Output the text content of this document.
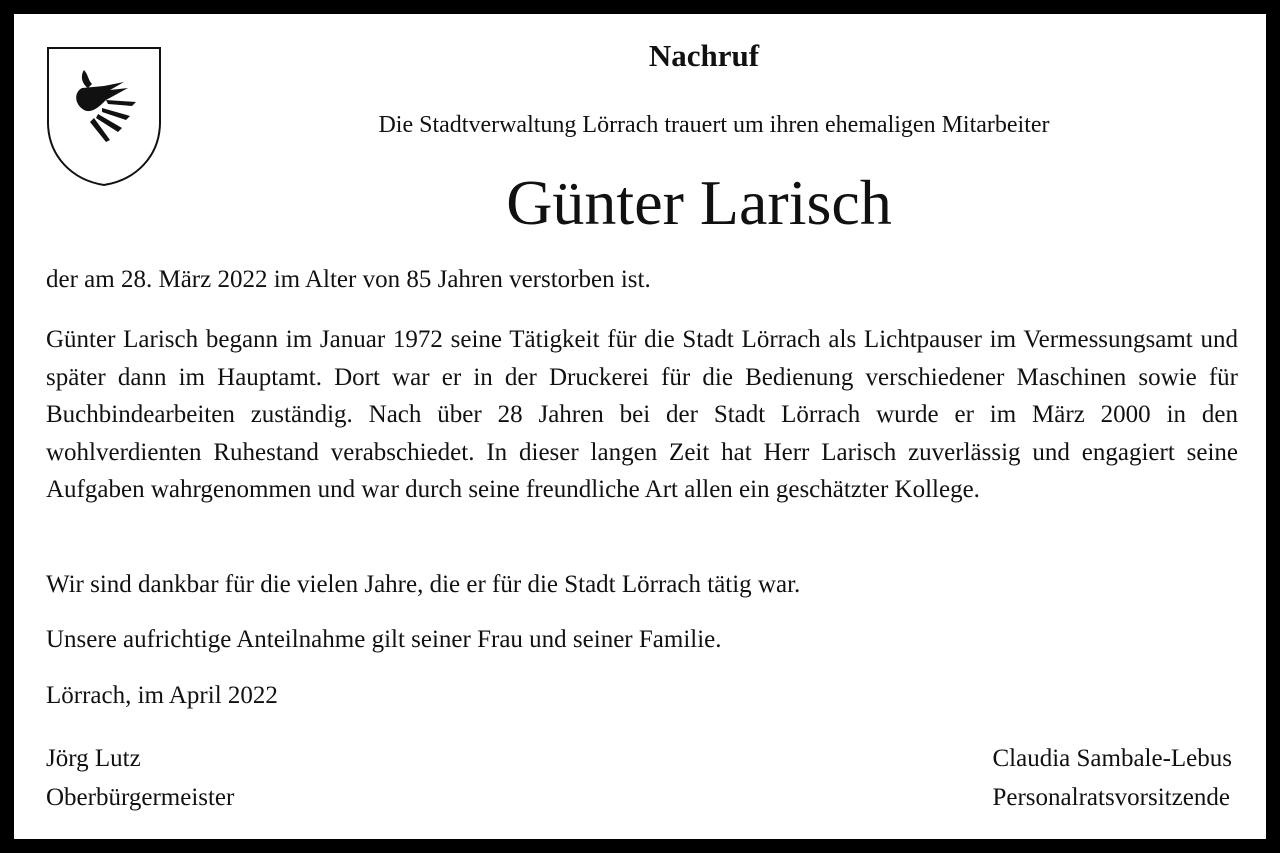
Nachruf
Die Stadtverwaltung Lörrach trauert um ihren ehemaligen Mitarbeiter
Günter Larisch
der am 28. März 2022 im Alter von 85 Jahren verstorben ist.
Günter Larisch begann im Januar 1972 seine Tätigkeit für die Stadt Lörrach als Lichtpauser im Vermessungsamt und später dann im Hauptamt. Dort war er in der Druckerei für die Bedienung verschiedener Maschinen sowie für Buchbindearbeiten zuständig. Nach über 28 Jahren bei der Stadt Lörrach wurde er im März 2000 in den wohlverdienten Ruhestand verabschiedet. In dieser langen Zeit hat Herr Larisch zuverlässig und engagiert seine Aufgaben wahrgenommen und war durch seine freundliche Art allen ein geschätzter Kollege.
Wir sind dankbar für die vielen Jahre, die er für die Stadt Lörrach tätig war.
Unsere aufrichtige Anteilnahme gilt seiner Frau und seiner Familie.
Lörrach, im April 2022
Jörg Lutz
Oberbürgermeister
Claudia Sambale-Lebus
Personalratsvorsitzende
